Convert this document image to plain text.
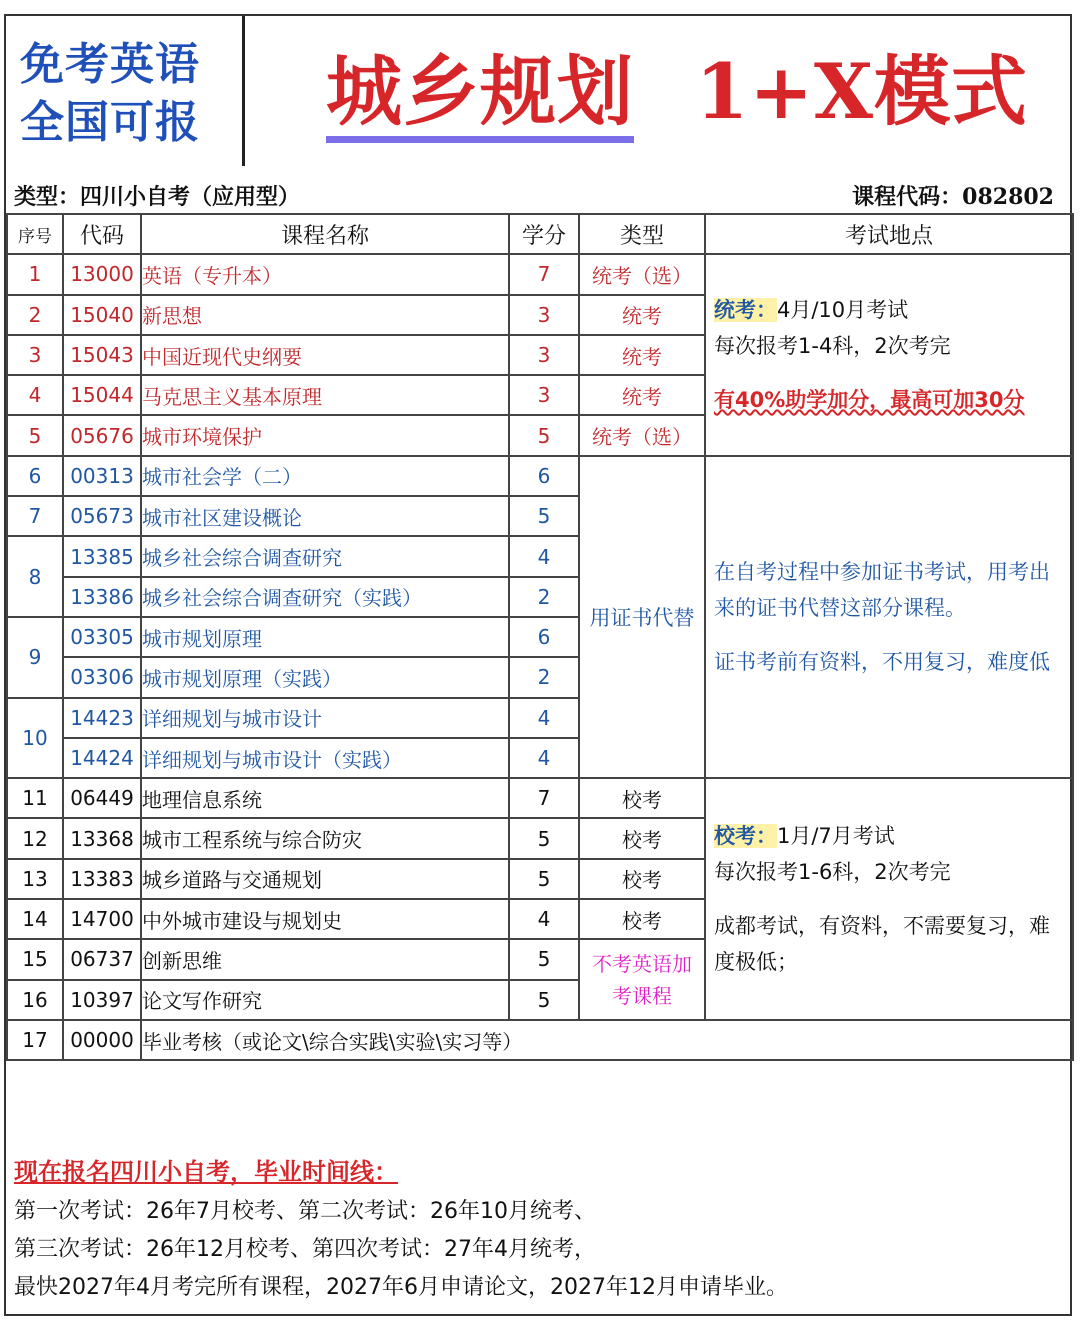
免考英语
全国可报	城乡规划 1+X模式
类型：四川小自考（应用型）	课程代码：082802
序号	代码	课程名称	学分	类型	考试地点
1	13000	英语（专升本）	7	统考（选）	统考：4月/10月考试
每次报考1-4科，2次考完
有40%助学加分，最高可加30分

2	15040	新思想	3	统考	
3	15043	中国近现代史纲要	3	统考	
4	15044	马克思主义基本原理	3	统考	
5	05676	城市环境保护	5	统考（选）	
6	00313	城市社会学（二）	6	用证书代替	在自考过程中参加证书考试，用考出来的证书代替这部分课程。
证书考前有资料，不用复习，难度低

7	05673	城市社区建设概论	5		
8	13385	城乡社会综合调查研究	4		
	13386	城乡社会综合调查研究（实践）	2		
9	03305	城市规划原理	6		
	03306	城市规划原理（实践）	2		
10	14423	详细规划与城市设计	4		
	14424	详细规划与城市设计（实践）	4		
11	06449	地理信息系统	7	校考	校考：1月/7月考试
每次报考1-6科，2次考完
成都考试，有资料，不需要复习，难度极低；

12	13368	城市工程系统与综合防灾	5	校考	
13	13383	城乡道路与交通规划	5	校考	
14	14700	中外城市建设与规划史	4	校考	
15	06737	创新思维	5	不考英语加考课程	
16	10397	论文写作研究	5		
17	00000	毕业考核（或论文\综合实践\实验\实习等）			
现在报名四川小自考，毕业时间线：
第一次考试：26年7月校考、第二次考试：26年10月统考、
第三次考试：26年12月校考、第四次考试：27年4月统考，
最快2027年4月考完所有课程，2027年6月申请论文，2027年12月申请毕业。
